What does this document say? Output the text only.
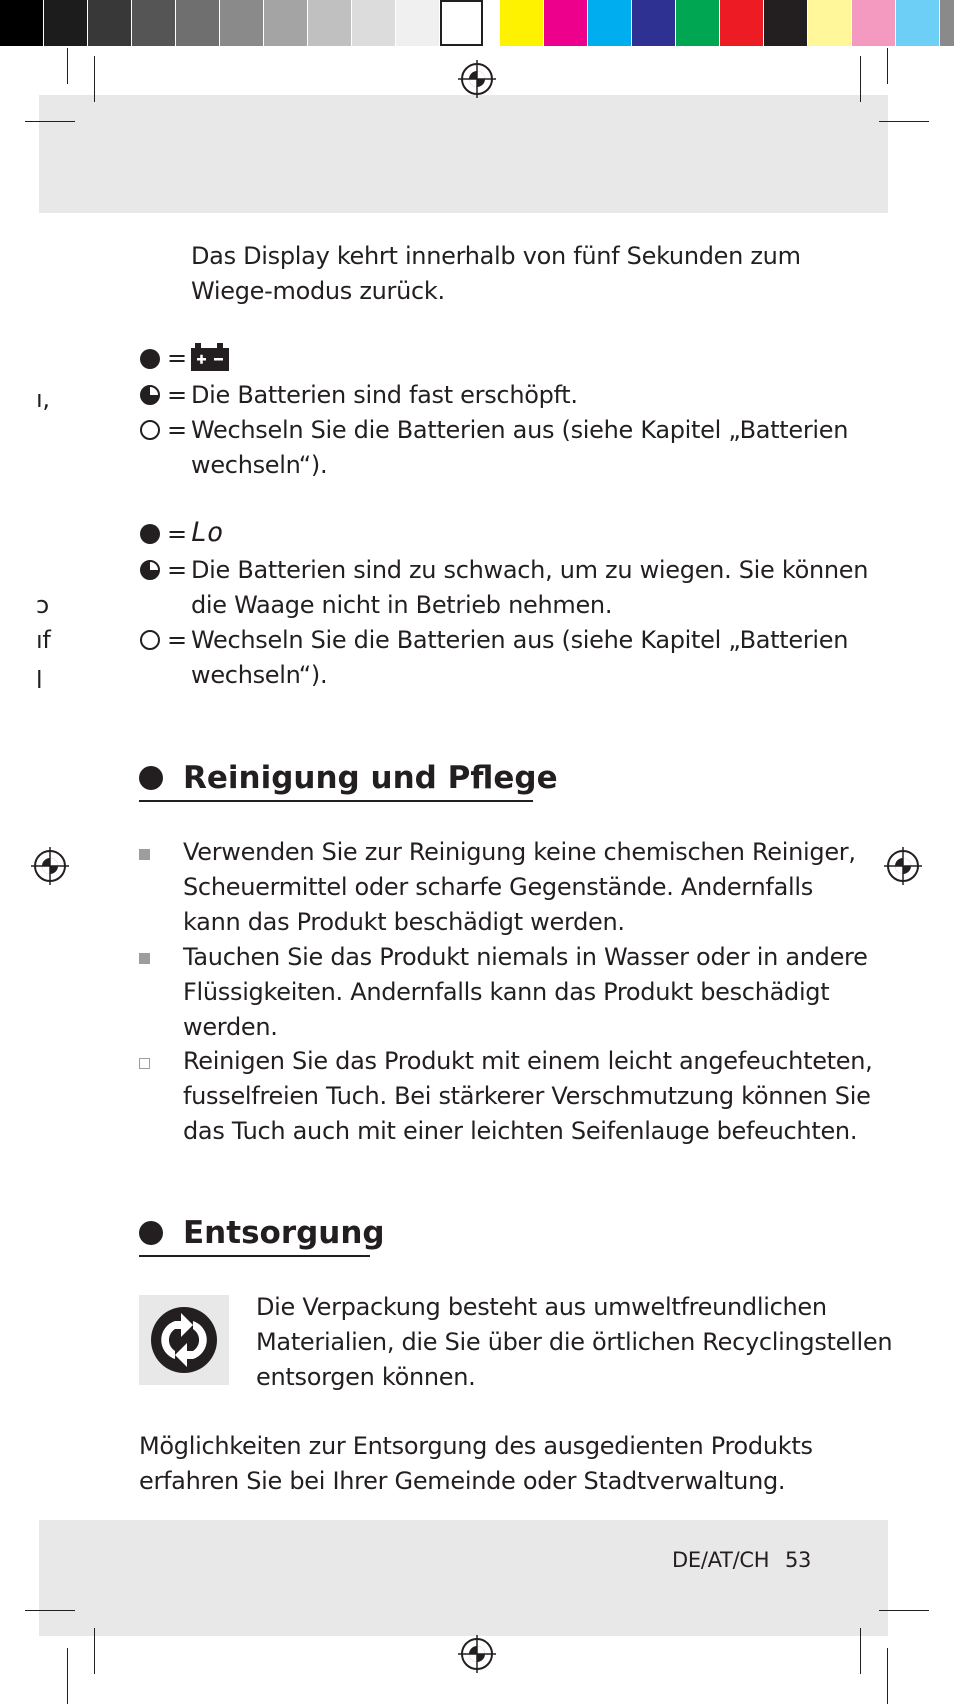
ı,
ɔ
ıf
ן
Das Display kehrt innerhalb von fünf Sekunden zum
Wiege-modus zurück.
=
= Die Batterien sind fast erschöpft.
= Wechseln Sie die Batterien aus (siehe Kapitel „Batterien
wechseln“).
= Lo
= Die Batterien sind zu schwach, um zu wiegen. Sie können
die Waage nicht in Betrieb nehmen.
= Wechseln Sie die Batterien aus (siehe Kapitel „Batterien
wechseln“).
Reinigung und Pflege
Verwenden Sie zur Reinigung keine chemischen Reiniger,
Scheuermittel oder scharfe Gegenstände. Andernfalls
kann das Produkt beschädigt werden.
Tauchen Sie das Produkt niemals in Wasser oder in andere
Flüssigkeiten. Andernfalls kann das Produkt beschädigt
werden.
Reinigen Sie das Produkt mit einem leicht angefeuchteten,
fusselfreien Tuch. Bei stärkerer Verschmutzung können Sie
das Tuch auch mit einer leichten Seifenlauge befeuchten.
Entsorgung
Die Verpackung besteht aus umweltfreundlichen
Materialien, die Sie über die örtlichen Recyclingstellen
entsorgen können.
Möglichkeiten zur Entsorgung des ausgedienten Produkts
erfahren Sie bei Ihrer Gemeinde oder Stadtverwaltung.
DE/AT/CH 53
